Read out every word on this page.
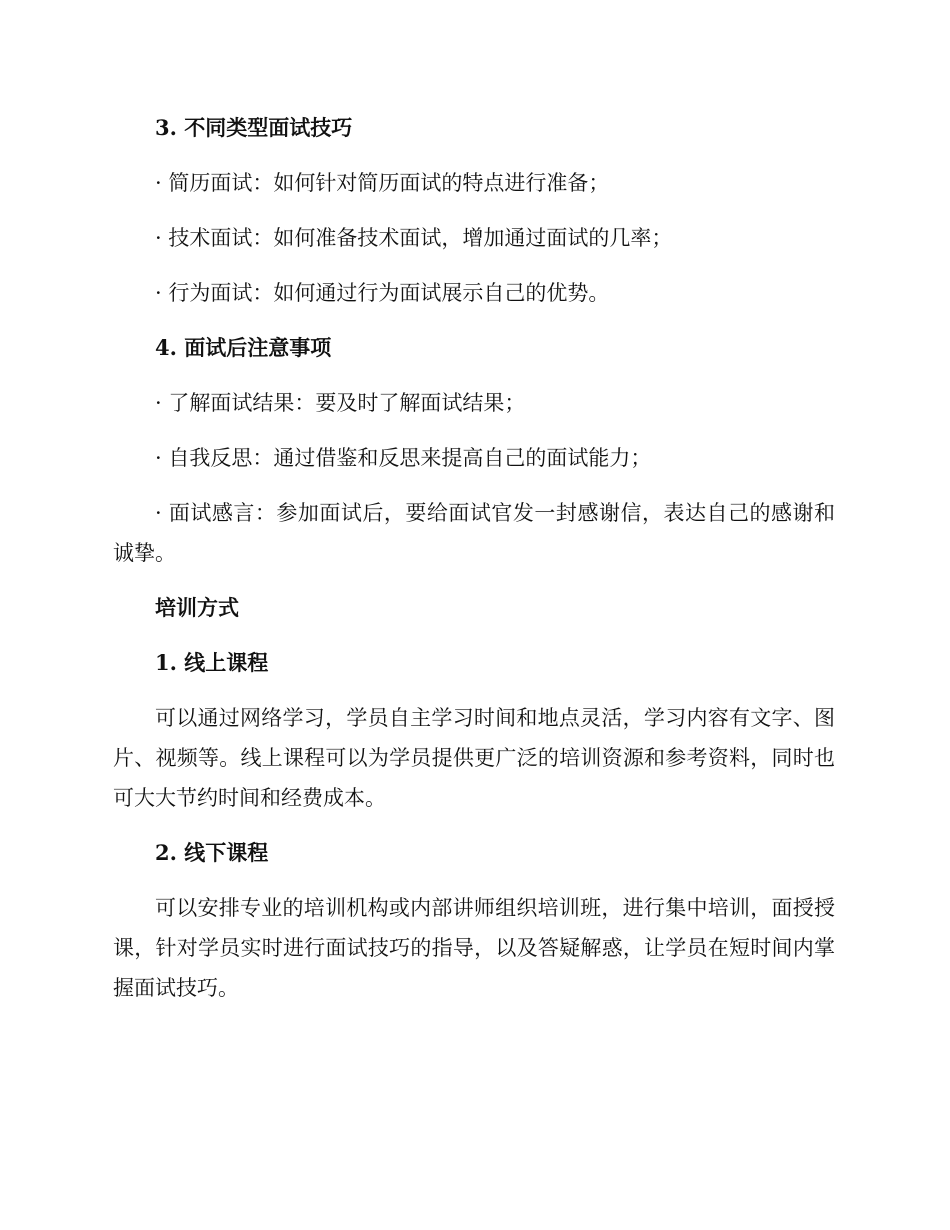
3. 不同类型面试技巧

· 简历面试：如何针对简历面试的特点进行准备；

· 技术面试：如何准备技术面试，增加通过面试的几率；

· 行为面试：如何通过行为面试展示自己的优势。

4. 面试后注意事项

· 了解面试结果：要及时了解面试结果；

· 自我反思：通过借鉴和反思来提高自己的面试能力；

· 面试感言：参加面试后，要给面试官发一封感谢信，表达自己的感谢和诚挚。

培训方式

1. 线上课程

可以通过网络学习，学员自主学习时间和地点灵活，学习内容有文字、图片、视频等。线上课程可以为学员提供更广泛的培训资源和参考资料，同时也可大大节约时间和经费成本。

2. 线下课程

可以安排专业的培训机构或内部讲师组织培训班，进行集中培训，面授授课，针对学员实时进行面试技巧的指导，以及答疑解惑，让学员在短时间内掌握面试技巧。
